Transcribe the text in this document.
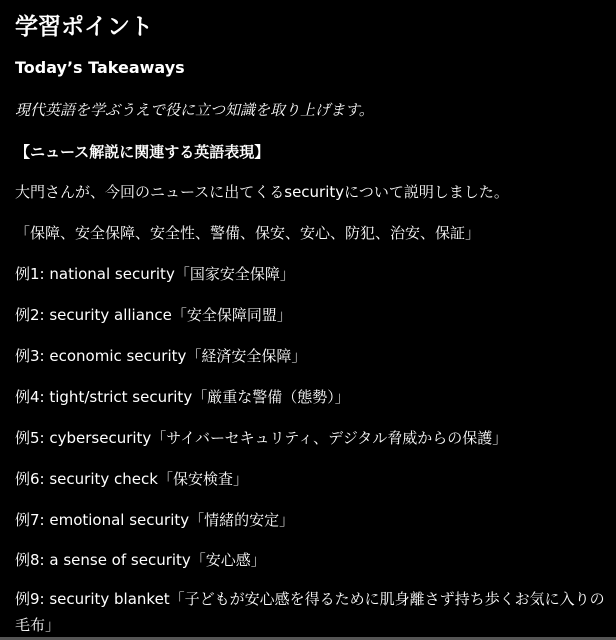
学習ポイント
Today’s Takeaways

現代英語を学ぶうえで役に立つ知識を取り上げます。

【ニュース解説に関連する英語表現】

大門さんが、今回のニュースに出てくるsecurityについて説明しました。

「保障、安全保障、安全性、警備、保安、安心、防犯、治安、保証」

例1: national security「国家安全保障」

例2: security alliance「安全保障同盟」

例3: economic security「経済安全保障」

例4: tight/strict security「厳重な警備（態勢）」

例5: cybersecurity「サイバーセキュリティ、デジタル脅威からの保護」

例6: security check「保安検査」

例7: emotional security「情緒的安定」

例8: a sense of security「安心感」

例9: security blanket「子どもが安心感を得るために肌身離さず持ち歩くお気に入りの毛布」
